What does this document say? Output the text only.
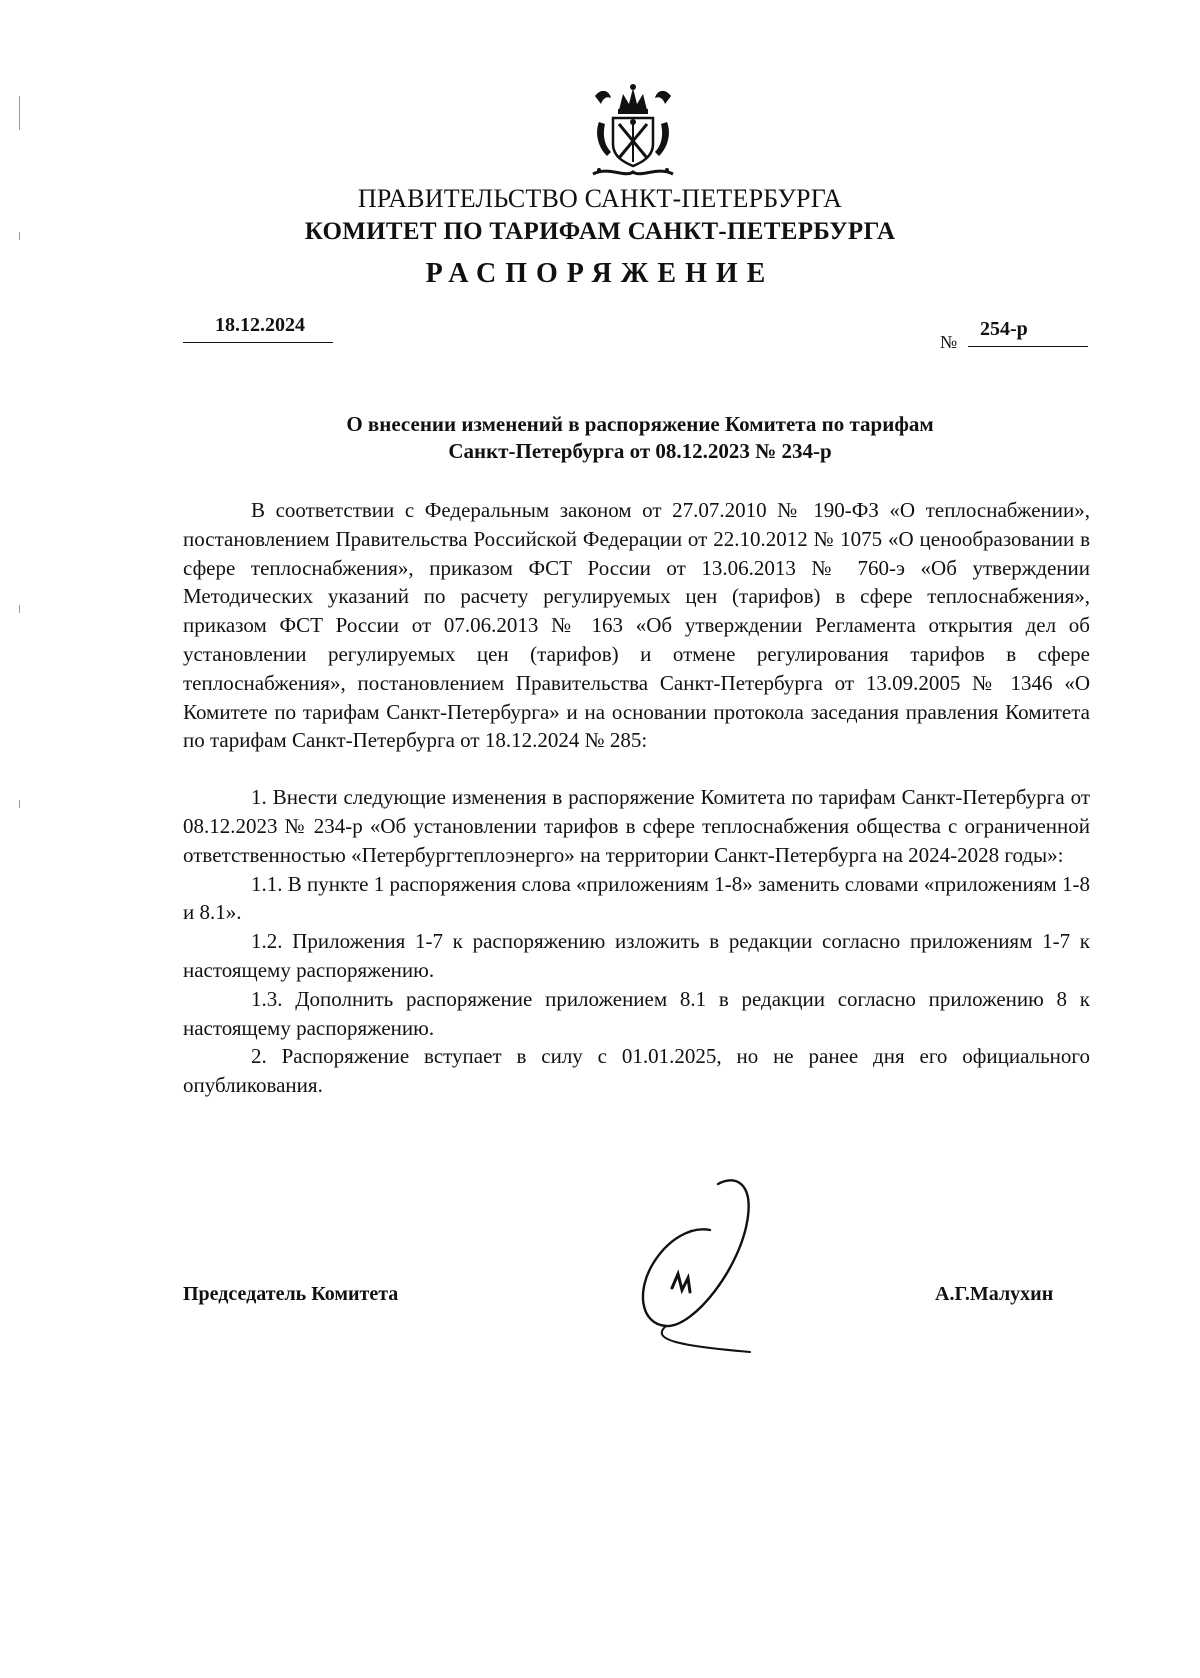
ПРАВИТЕЛЬСТВО САНКТ-ПЕТЕРБУРГА
КОМИТЕТ ПО ТАРИФАМ САНКТ-ПЕТЕРБУРГА
РАСПОРЯЖЕНИЕ
18.12.2024
№
254-р
О внесении изменений в распоряжение Комитета по тарифам
Санкт-Петербурга от 08.12.2023 № 234-р

В соответствии с Федеральным законом от 27.07.2010 № 190-ФЗ «О теплоснабжении», постановлением Правительства Российской Федерации от 22.10.2012 № 1075 «О ценообразовании в сфере теплоснабжения», приказом ФСТ России от 13.06.2013 № 760-э «Об утверждении Методических указаний по расчету регулируемых цен (тарифов) в сфере теплоснабжения», приказом ФСТ России от 07.06.2013 № 163 «Об утверждении Регламента открытия дел об установлении регулируемых цен (тарифов) и отмене регулирования тарифов в сфере теплоснабжения», постановлением Правительства Санкт-Петербурга от 13.09.2005 № 1346 «О Комитете по тарифам Санкт-Петербурга» и на основании протокола заседания правления Комитета по тарифам Санкт-Петербурга от 18.12.2024 № 285:

1. Внести следующие изменения в распоряжение Комитета по тарифам Санкт-Петербурга от 08.12.2023 № 234-р «Об установлении тарифов в сфере теплоснабжения общества с ограниченной ответственностью «Петербургтеплоэнерго» на территории Санкт-Петербурга на 2024-2028 годы»:

1.1. В пункте 1 распоряжения слова «приложениям 1-8» заменить словами «приложениям 1-8 и 8.1».

1.2. Приложения 1-7 к распоряжению изложить в редакции согласно приложениям 1-7 к настоящему распоряжению.

1.3. Дополнить распоряжение приложением 8.1 в редакции согласно приложению 8 к настоящему распоряжению.

2. Распоряжение вступает в силу с 01.01.2025, но не ранее дня его официального опубликования.

Председатель Комитета	А.Г.Малухин
